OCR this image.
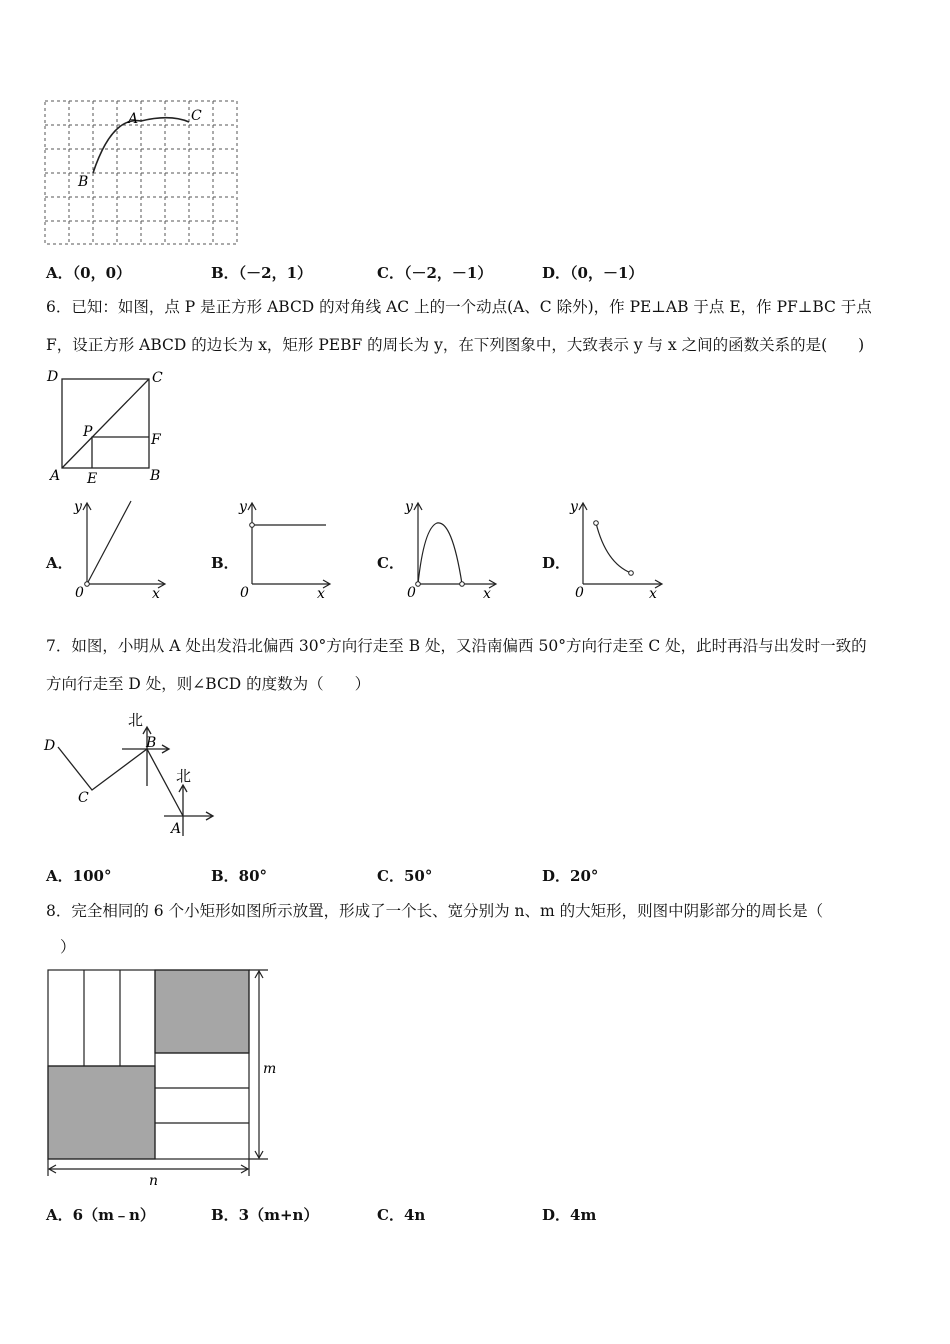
A	C
B
A．（0，0）	B．（－2，1）	C．（－2，－1）	D．（0，－1）
6．已知：如图，点 P 是正方形 ABCD 的对角线 AC 上的一个动点(A、C 除外)，作 PE⊥AB 于点 E，作 PF⊥BC 于点
F，设正方形 ABCD 的边长为 x，矩形 PEBF 的周长为 y，在下列图象中，大致表示 y 与 x 之间的函数关系的是(　　)
D	C
P	F
A E	B
A．
y
x
0
B．
y
x
0
C．
y
x
0
D．
y
x
0
7．如图，小明从 A 处出发沿北偏西 30°方向行走至 B 处，又沿南偏西 50°方向行走至 C 处，此时再沿与出发时一致的
方向行走至 D 处，则∠BCD 的度数为（　　）
北
北
D
C
B
A
A．100°	B．80°	C．50°	D．20°
8．完全相同的 6 个小矩形如图所示放置，形成了一个长、宽分别为 n、m 的大矩形，则图中阴影部分的周长是（
）
m
n
A．6（m﹣n）	B．3（m+n）	C．4n	D．4m
